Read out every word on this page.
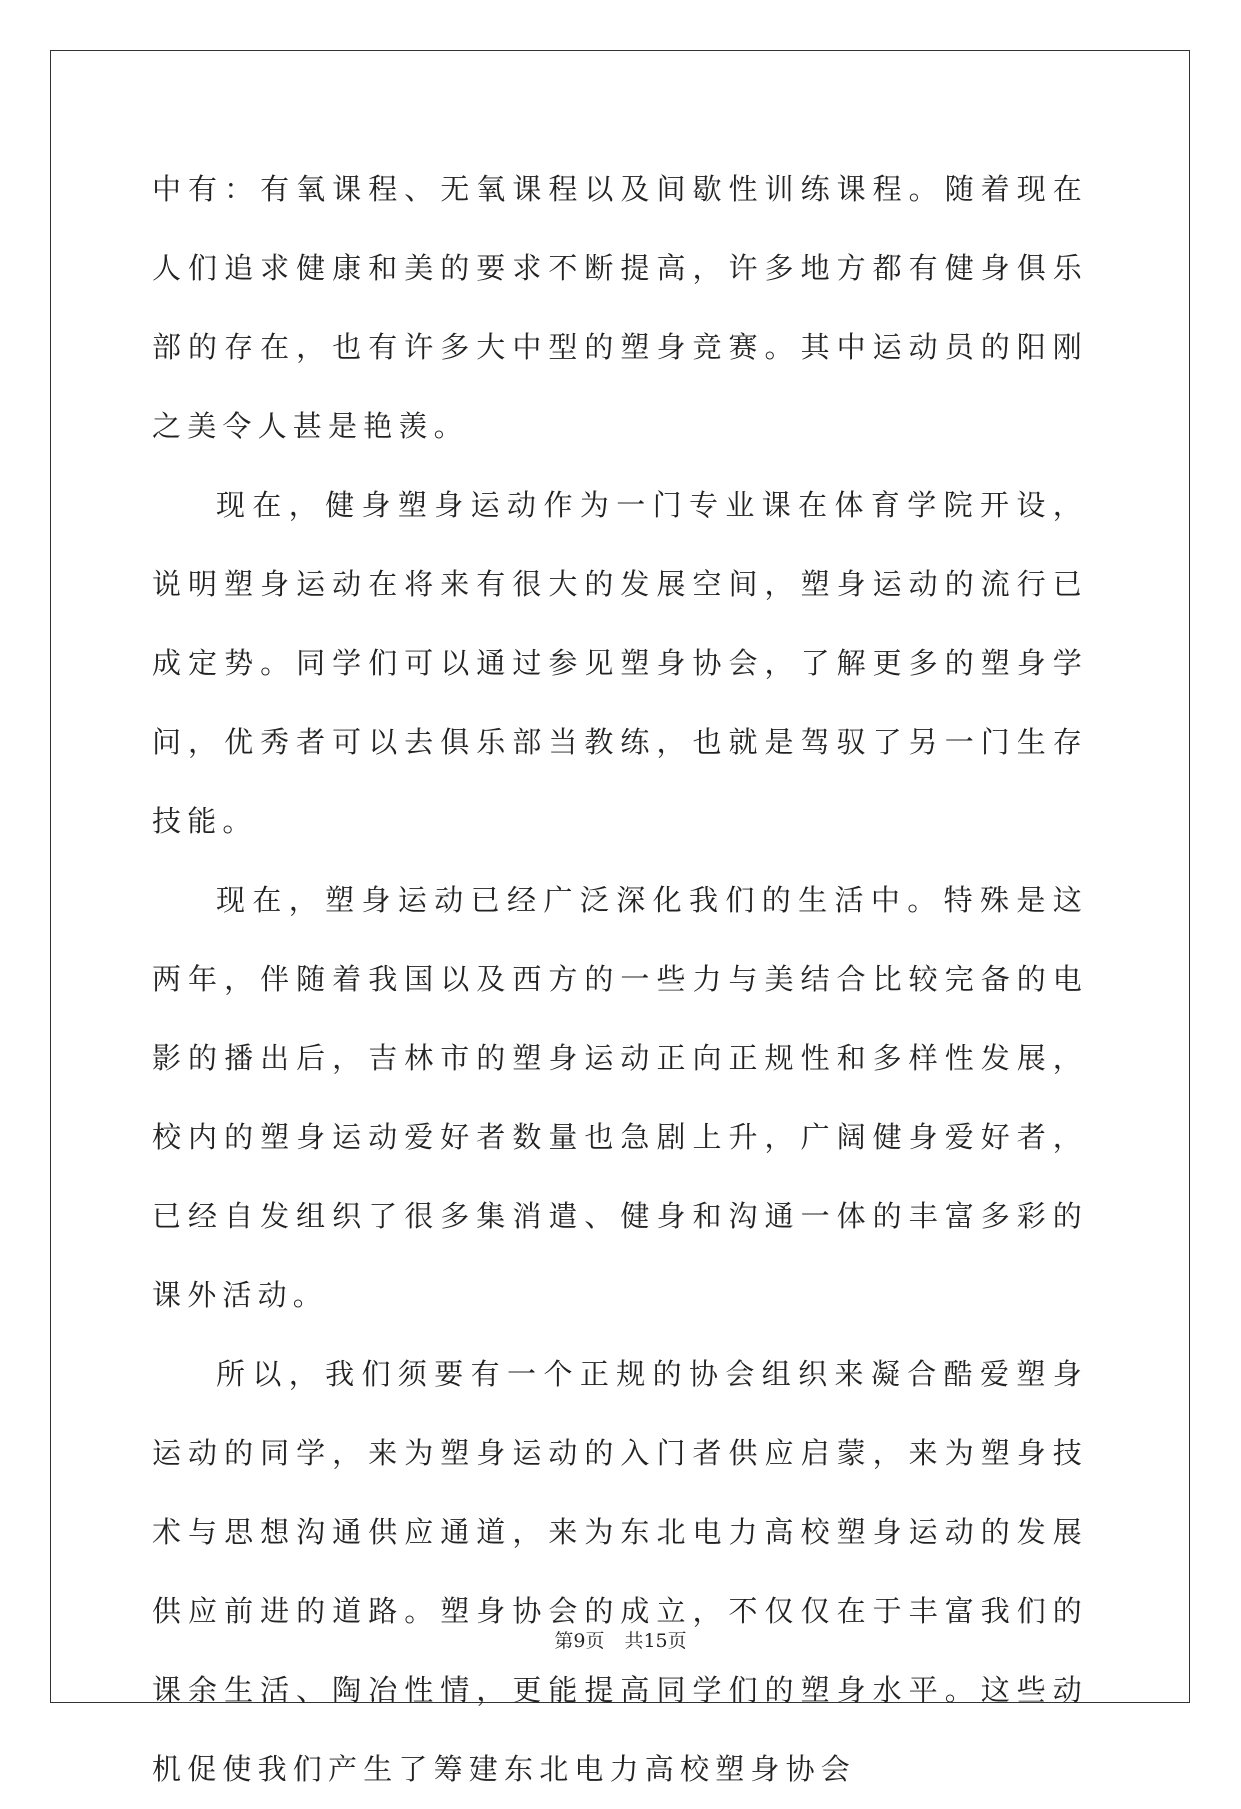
中有：有氧课程、无氧课程以及间歇性训练课程。随着现在人们追求健康和美的要求不断提高，许多地方都有健身俱乐部的存在，也有许多大中型的塑身竞赛。其中运动员的阳刚之美令人甚是艳羡。

现在，健身塑身运动作为一门专业课在体育学院开设，说明塑身运动在将来有很大的发展空间，塑身运动的流行已成定势。同学们可以通过参见塑身协会，了解更多的塑身学问，优秀者可以去俱乐部当教练，也就是驾驭了另一门生存技能。

现在，塑身运动已经广泛深化我们的生活中。特殊是这两年，伴随着我国以及西方的一些力与美结合比较完备的电影的播出后，吉林市的塑身运动正向正规性和多样性发展，校内的塑身运动爱好者数量也急剧上升，广阔健身爱好者，已经自发组织了很多集消遣、健身和沟通一体的丰富多彩的课外活动。

所以，我们须要有一个正规的协会组织来凝合酷爱塑身运动的同学，来为塑身运动的入门者供应启蒙，来为塑身技术与思想沟通供应通道，来为东北电力高校塑身运动的发展供应前进的道路。塑身协会的成立，不仅仅在于丰富我们的课余生活、陶冶性情，更能提高同学们的塑身水平。这些动机促使我们产生了筹建东北电力高校塑身协会

第9页 共15页
